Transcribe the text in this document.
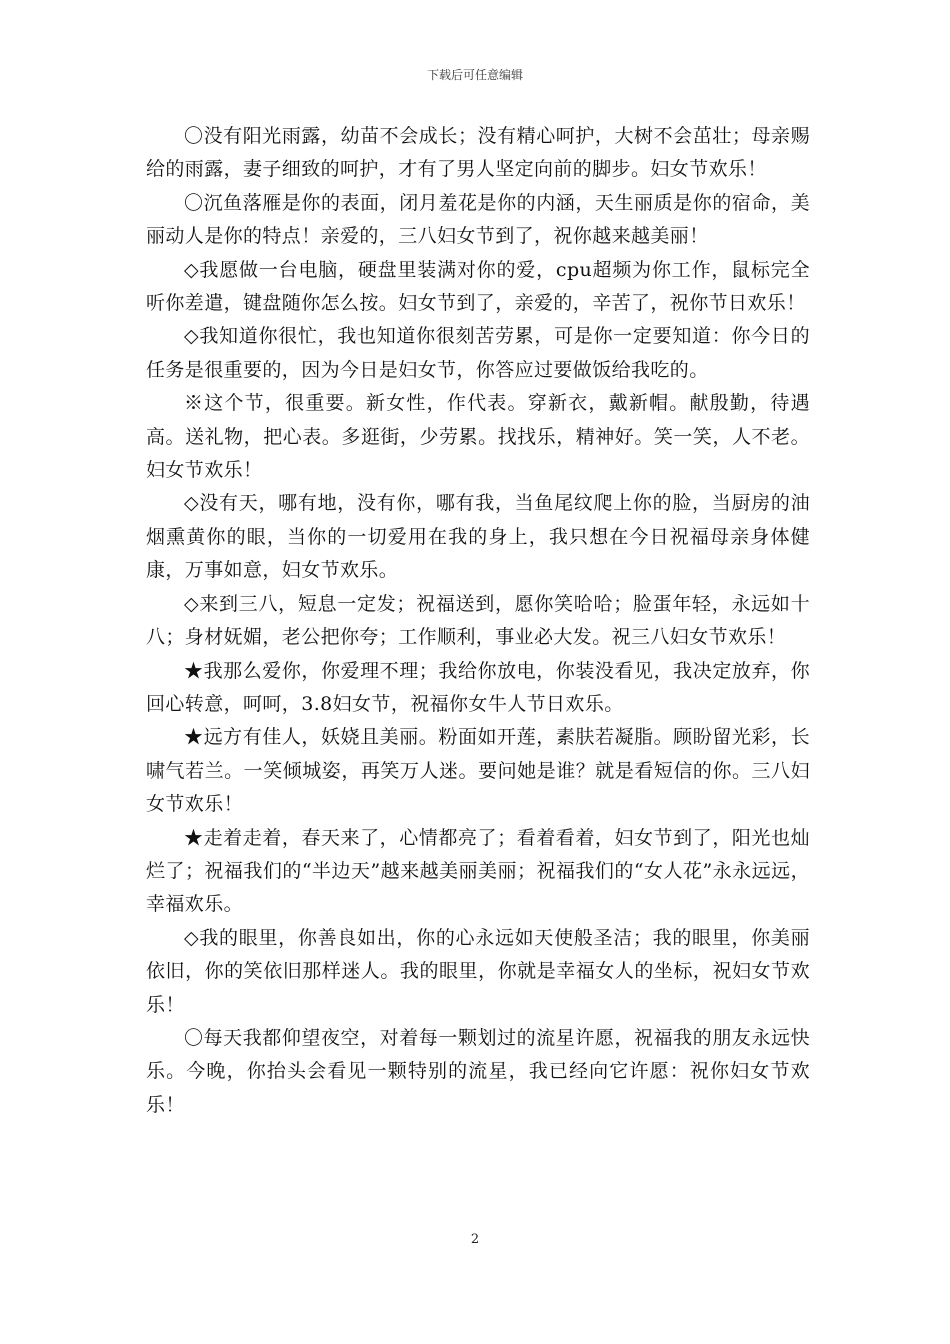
下载后可任意编辑

〇没有阳光雨露，幼苗不会成长；没有精心呵护，大树不会茁壮；母亲赐给的雨露，妻子细致的呵护，才有了男人坚定向前的脚步。妇女节欢乐！

〇沉鱼落雁是你的表面，闭月羞花是你的内涵，天生丽质是你的宿命，美丽动人是你的特点！亲爱的，三八妇女节到了，祝你越来越美丽！

◇我愿做一台电脑，硬盘里装满对你的爱，cpu超频为你工作，鼠标完全听你差遣，键盘随你怎么按。妇女节到了，亲爱的，辛苦了，祝你节日欢乐！

◇我知道你很忙，我也知道你很刻苦劳累，可是你一定要知道：你今日的任务是很重要的，因为今日是妇女节，你答应过要做饭给我吃的。

※这个节，很重要。新女性，作代表。穿新衣，戴新帽。献殷勤，待遇高。送礼物，把心表。多逛街，少劳累。找找乐，精神好。笑一笑，人不老。妇女节欢乐！

◇没有天，哪有地，没有你，哪有我，当鱼尾纹爬上你的脸，当厨房的油烟熏黄你的眼，当你的一切爱用在我的身上，我只想在今日祝福母亲身体健康，万事如意，妇女节欢乐。

◇来到三八，短息一定发；祝福送到，愿你笑哈哈；脸蛋年轻，永远如十八；身材妩媚，老公把你夸；工作顺利，事业必大发。祝三八妇女节欢乐！

★我那么爱你，你爱理不理；我给你放电，你装没看见，我决定放弃，你回心转意，呵呵，3.8妇女节，祝福你女牛人节日欢乐。

★远方有佳人，妖娆且美丽。粉面如开莲，素肤若凝脂。顾盼留光彩，长啸气若兰。一笑倾城姿，再笑万人迷。要问她是谁？就是看短信的你。三八妇女节欢乐！

★走着走着，春天来了，心情都亮了；看着看着，妇女节到了，阳光也灿烂了；祝福我们的“半边天”越来越美丽美丽；祝福我们的“女人花”永永远远，幸福欢乐。

◇我的眼里，你善良如出，你的心永远如天使般圣洁；我的眼里，你美丽依旧，你的笑依旧那样迷人。我的眼里，你就是幸福女人的坐标，祝妇女节欢乐！

〇每天我都仰望夜空，对着每一颗划过的流星许愿，祝福我的朋友永远快乐。今晚，你抬头会看见一颗特别的流星，我已经向它许愿：祝你妇女节欢乐！

2
